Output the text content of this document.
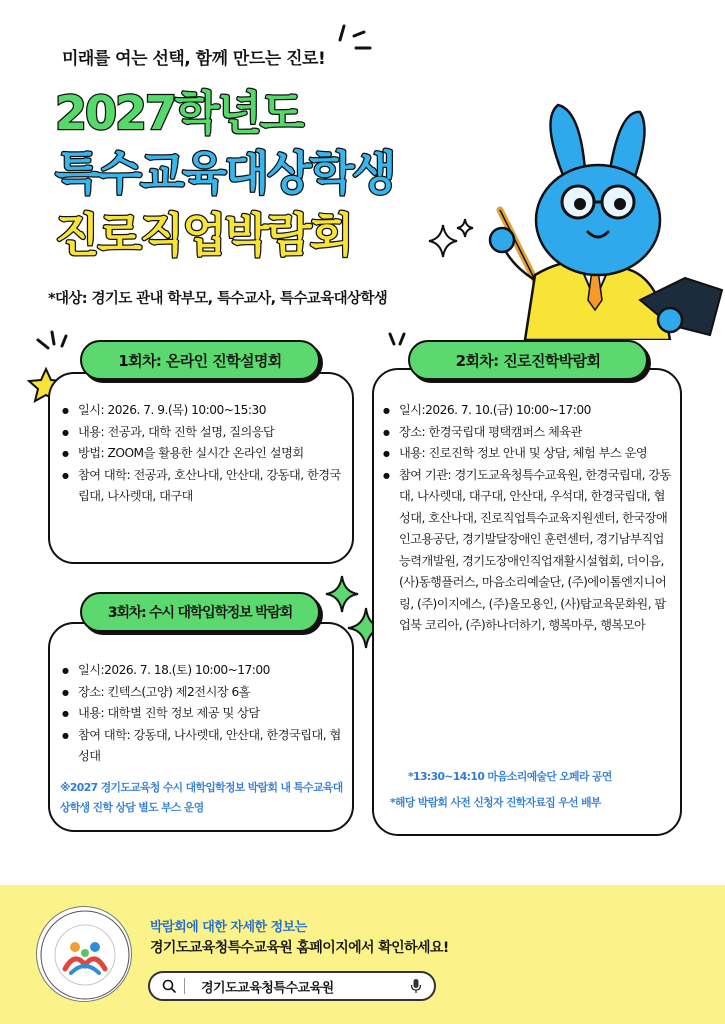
미래를 여는 선택, 함께 만드는 진로!
2027학년도
특수교육대상학생
진로직업박람회
*대상: 경기도 관내 학부모, 특수교사, 특수교육대상학생
1회차: 온라인 진학설명회	2회차: 진로진학박람회
3회차: 수시 대학입학정보 박람회
● 일시: 2026. 7. 9.(목) 10:00~15:30
● 내용: 전공과, 대학 진학 설명, 질의응답
● 방법: ZOOM을 활용한 실시간 온라인 설명회
● 참여 대학: 전공과, 호산나대, 안산대, 강동대, 한경국립대, 나사렛대, 대구대
● 일시:2026. 7. 10.(금) 10:00~17:00
● 장소: 한경국립대 평택캠퍼스 체육관
● 내용: 진로진학 정보 안내 및 상담, 체험 부스 운영
● 참여 기관: 경기도교육청특수교육원, 한경국립대, 강동대, 나사렛대, 대구대, 안산대, 우석대, 한경국립대, 협성대, 호산나대, 진로직업특수교육지원센터, 한국장애인고용공단, 경기발달장애인 훈련센터, 경기남부직업능력개발원, 경기도장애인직업재활시설협회, 더이음, (사)동행플러스, 마음소리예술단, (주)에이톰엔지니어링, (주)이지에스, (주)올모용인, (사)탑교육문화원, 팝업북 코리아, (주)하나더하기, 행복마루, 행복모아
*13:30~14:10 마음소리예술단 오페라 공연
*해당 박람회 사전 신청자 진학자료집 우선 배부
● 일시:2026. 7. 18.(토) 10:00~17:00
● 장소: 킨텍스(고양) 제2전시장 6홀
● 내용: 대학별 진학 정보 제공 및 상담
● 참여 대학: 강동대, 나사렛대, 안산대, 한경국립대, 협성대
※2027 경기도교육청 수시 대학입학정보 박람회 내 특수교육대상학생 진학 상담 별도 부스 운영
박람회에 대한 자세한 정보는
경기도교육청특수교육원 홈페이지에서 확인하세요!
경기도교육청특수교육원
